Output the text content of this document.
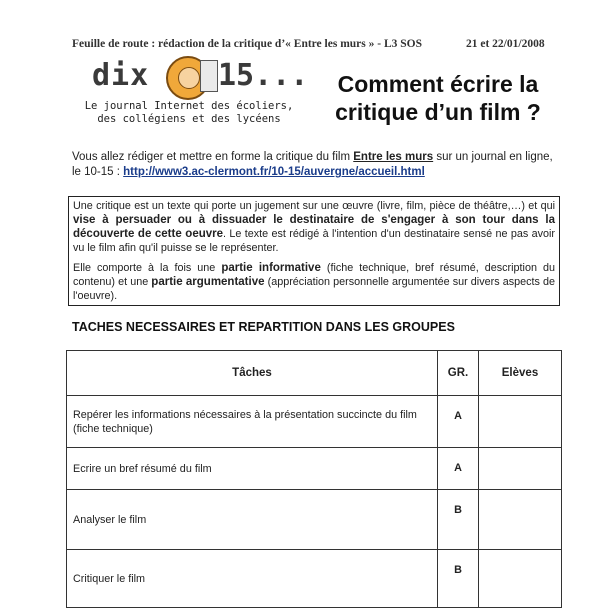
Feuille de route : rédaction de la critique d’« Entre les murs » - L3 SOS	21 et 22/01/2008
dix 15...
Le journal Internet des écoliers,
des collégiens et des lycéens
Comment écrire la
critique d’un film ?
Vous allez rédiger et mettre en forme la critique du film Entre les murs sur un journal en ligne, le 10-15 : http://www3.ac-clermont.fr/10-15/auvergne/accueil.html

Une critique est un texte qui porte un jugement sur une œuvre (livre, film, pièce de théâtre,…) et qui vise à persuader ou à dissuader le destinataire de s'engager à son tour dans la découverte de cette oeuvre. Le texte est rédigé à l'intention d'un destinataire sensé ne pas avoir vu le film afin qu'il puisse se le représenter.

Elle comporte à la fois une partie informative (fiche technique, bref résumé, description du contenu) et une partie argumentative (appréciation personnelle argumentée sur divers aspects de l'oeuvre).

TACHES NECESSAIRES ET REPARTITION DANS LES GROUPES
Tâches	GR.	Elèves
Repérer les informations nécessaires à la présentation succincte du film (fiche technique)	A	
Ecrire un bref résumé du film	A	
Analyser le film	B	
Critiquer le film	B	
